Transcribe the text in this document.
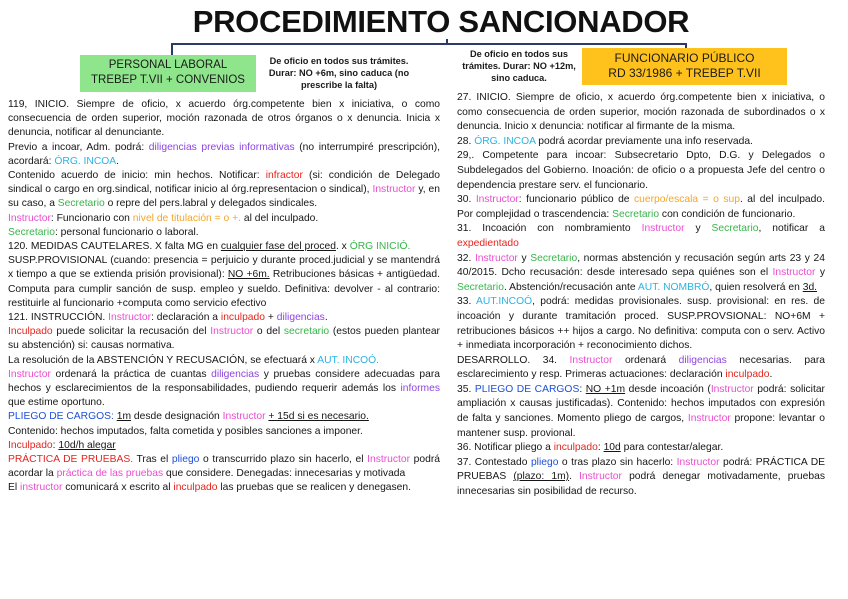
PROCEDIMIENTO SANCIONADOR
PERSONAL LABORAL
TREBEP T.VII + CONVENIOS
De oficio en todos sus trámites.
Durar: NO +6m, sino caduca (no
prescribe la falta)
De oficio en todos sus
trámites. Durar: NO +12m,
sino caduca.
FUNCIONARIO PÚBLICO
RD 33/1986 + TREBEP T.VII

119, INICIO. Siempre de oficio, x acuerdo órg.competente bien x iniciativa, o como consecuencia de orden superior, moción razonada de otros órganos o x denuncia. Inicia x denuncia, notificar al denunciante.

Previo a incoar, Adm. podrá: diligencias previas informativas (no interrumpiré prescripción), acordará: ÓRG. INCOA.

Contenido acuerdo de inicio: min hechos. Notificar: infractor (si: condición de Delegado sindical o cargo en org.sindical, notificar inicio al órg.representacion o sindical), Instructor y, en su caso, a Secretario o repre del pers.labral y delegados sindicales.

Instructor: Funcionario con nivel de titulación = o +. al del inculpado.

Secretario: personal funcionario o laboral.

120. MEDIDAS CAUTELARES. X falta MG en cualquier fase del proced. x ÓRG INICIÓ.

SUSP.PROVISIONAL (cuando: presencia = perjuicio y durante proced.judicial y se mantendrá x tiempo a que se extienda prisión provisional): NO +6m. Retribuciones básicas + antigüedad. Computa para cumplir sanción de susp. empleo y sueldo. Definitiva: devolver - al contrario: restituirle al funcionario +computa como servicio efectivo

121. INSTRUCCIÓN. Instructor: declaración a inculpado + diligencias.

Inculpado puede solicitar la recusación del Instructor o del secretario (estos pueden plantear su abstención) si: causas normativa.

La resolución de la ABSTENCIÓN Y RECUSACIÓN, se efectuará x AUT. INCOÓ.

Instructor ordenará la práctica de cuantas diligencias y pruebas considere adecuadas para hechos y esclarecimientos de la responsabilidades, pudiendo requerir además los informes que estime oportuno.

PLIEGO DE CARGOS: 1m desde designación Instructor + 15d si es necesario.

Contenido: hechos imputados, falta cometida y posibles sanciones a imponer.

Inculpado: 10d/h alegar

PRÁCTICA DE PRUEBAS. Tras el pliego o transcurrido plazo sin hacerlo, el Instructor podrá acordar la práctica de las pruebas que considere. Denegadas: innecesarias y motivada

El instructor comunicará x escrito al inculpado las pruebas que se realicen y denegasen.

27. INICIO. Siempre de oficio, x acuerdo órg.competente bien x iniciativa, o como consecuencia de orden superior, moción razonada de subordinados o x denuncia. Inicio x denuncia: notificar al firmante de la misma.

28. ÓRG. INCOA podrá acordar previamente una info reservada.

29,. Competente para incoar: Subsecretario Dpto, D.G. y Delegados o Subdelegados del Gobierno. Inoación: de oficio o a propuesta Jefe del centro o dependencia prestare serv. el funcionario.

30. Instructor: funcionario público de cuerpo/escala = o sup. al del inculpado. Por complejidad o trascendencia: Secretario con condición de funcionario.

31. Incoación con nombramiento Instructor y Secretario, notificar a expedientado

32. Instructor y Secretario, normas abstención y recusación según arts 23 y 24 40/2015. Dcho recusación: desde interesado sepa quiénes son el Instructor y Secretario. Abstención/recusación ante AUT. NOMBRÓ, quien resolverá en 3d.

33. AUT.INCOÓ, podrá: medidas provisionales. susp. provisional: en res. de incoación y durante tramitación proced. SUSP.PROVSIONAL: NO+6M + retribuciones básicos ++ hijos a cargo. No definitiva: computa con o serv. Activo + inmediata incorporación + reconocimiento dichos.

DESARROLLO. 34. Instructor ordenará diligencias necesarias. para esclarecimiento y resp. Primeras actuaciones: declaración inculpado.

35. PLIEGO DE CARGOS: NO +1m desde incoación (Instructor podrá: solicitar ampliación x causas justificadas). Contenido: hechos imputados con expresión de falta y sanciones. Momento pliego de cargos, Instructor propone: levantar o mantener susp. provional.

36. Notificar pliego a inculpado: 10d para contestar/alegar.

37. Contestado pliego o tras plazo sin hacerlo: Instructor podrá: PRÁCTICA DE PRUEBAS (plazo: 1m). Instructor podrá denegar motivadamente, pruebas innecesarias sin posibilidad de recurso.
